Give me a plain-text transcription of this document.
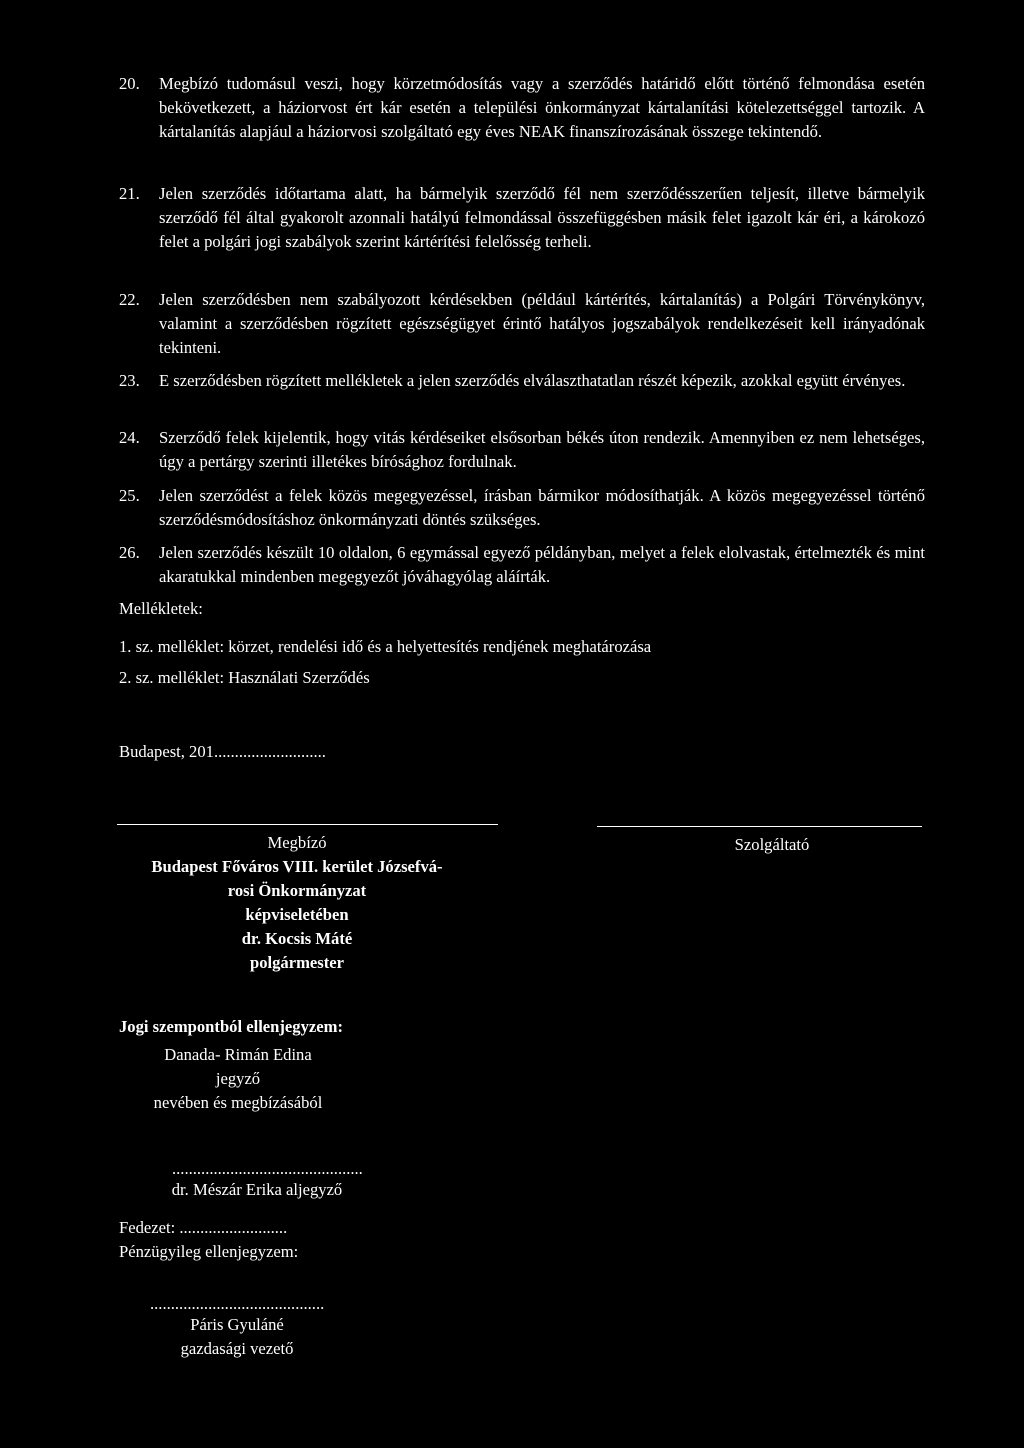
20. Megbízó tudomásul veszi, hogy körzetmódosítás vagy a szerződés határidő előtt történő felmondása esetén bekövetkezett, a háziorvost ért kár esetén a települési önkormányzat kártalanítási kötelezettséggel tartozik. A kártalanítás alapjául a háziorvosi szolgáltató egy éves NEAK finanszírozásának összege tekintendő.
21. Jelen szerződés időtartama alatt, ha bármelyik szerződő fél nem szerződésszerűen teljesít, illetve bármelyik szerződő fél által gyakorolt azonnali hatályú felmondással összefüggésben másik felet igazolt kár éri, a károkozó felet a polgári jogi szabályok szerint kártérítési felelősség terheli.
22. Jelen szerződésben nem szabályozott kérdésekben (például kártérítés, kártalanítás) a Polgári Törvénykönyv, valamint a szerződésben rögzített egészségügyet érintő hatályos jogszabályok rendelkezéseit kell irányadónak tekinteni.
23. E szerződésben rögzített mellékletek a jelen szerződés elválaszthatatlan részét képezik, azokkal együtt érvényes.
24. Szerződő felek kijelentik, hogy vitás kérdéseiket elsősorban békés úton rendezik. Amennyiben ez nem lehetséges, úgy a pertárgy szerinti illetékes bírósághoz fordulnak.
25. Jelen szerződést a felek közös megegyezéssel, írásban bármikor módosíthatják. A közös megegyezéssel történő szerződésmódosításhoz önkormányzati döntés szükséges.
26. Jelen szerződés készült 10 oldalon, 6 egymással egyező példányban, melyet a felek elolvastak, értelmezték és mint akaratukkal mindenben megegyezőt jóváhagyólag aláírták.
Mellékletek:
1. sz. melléklet: körzet, rendelési idő és a helyettesítés rendjének meghatározása
2. sz. melléklet: Használati Szerződés
Budapest, 201...........................
Megbízó
Budapest Főváros VIII. kerület Józsefvá-
rosi Önkormányzat
képviseletében
dr. Kocsis Máté
polgármester
Szolgáltató
Jogi szempontból ellenjegyzem:
Danada- Rimán Edina
jegyző
nevében és megbízásából
..............................................
dr. Mészár Erika aljegyző
Fedezet: ..........................
Pénzügyileg ellenjegyzem:
..........................................
Páris Gyuláné
gazdasági vezető
